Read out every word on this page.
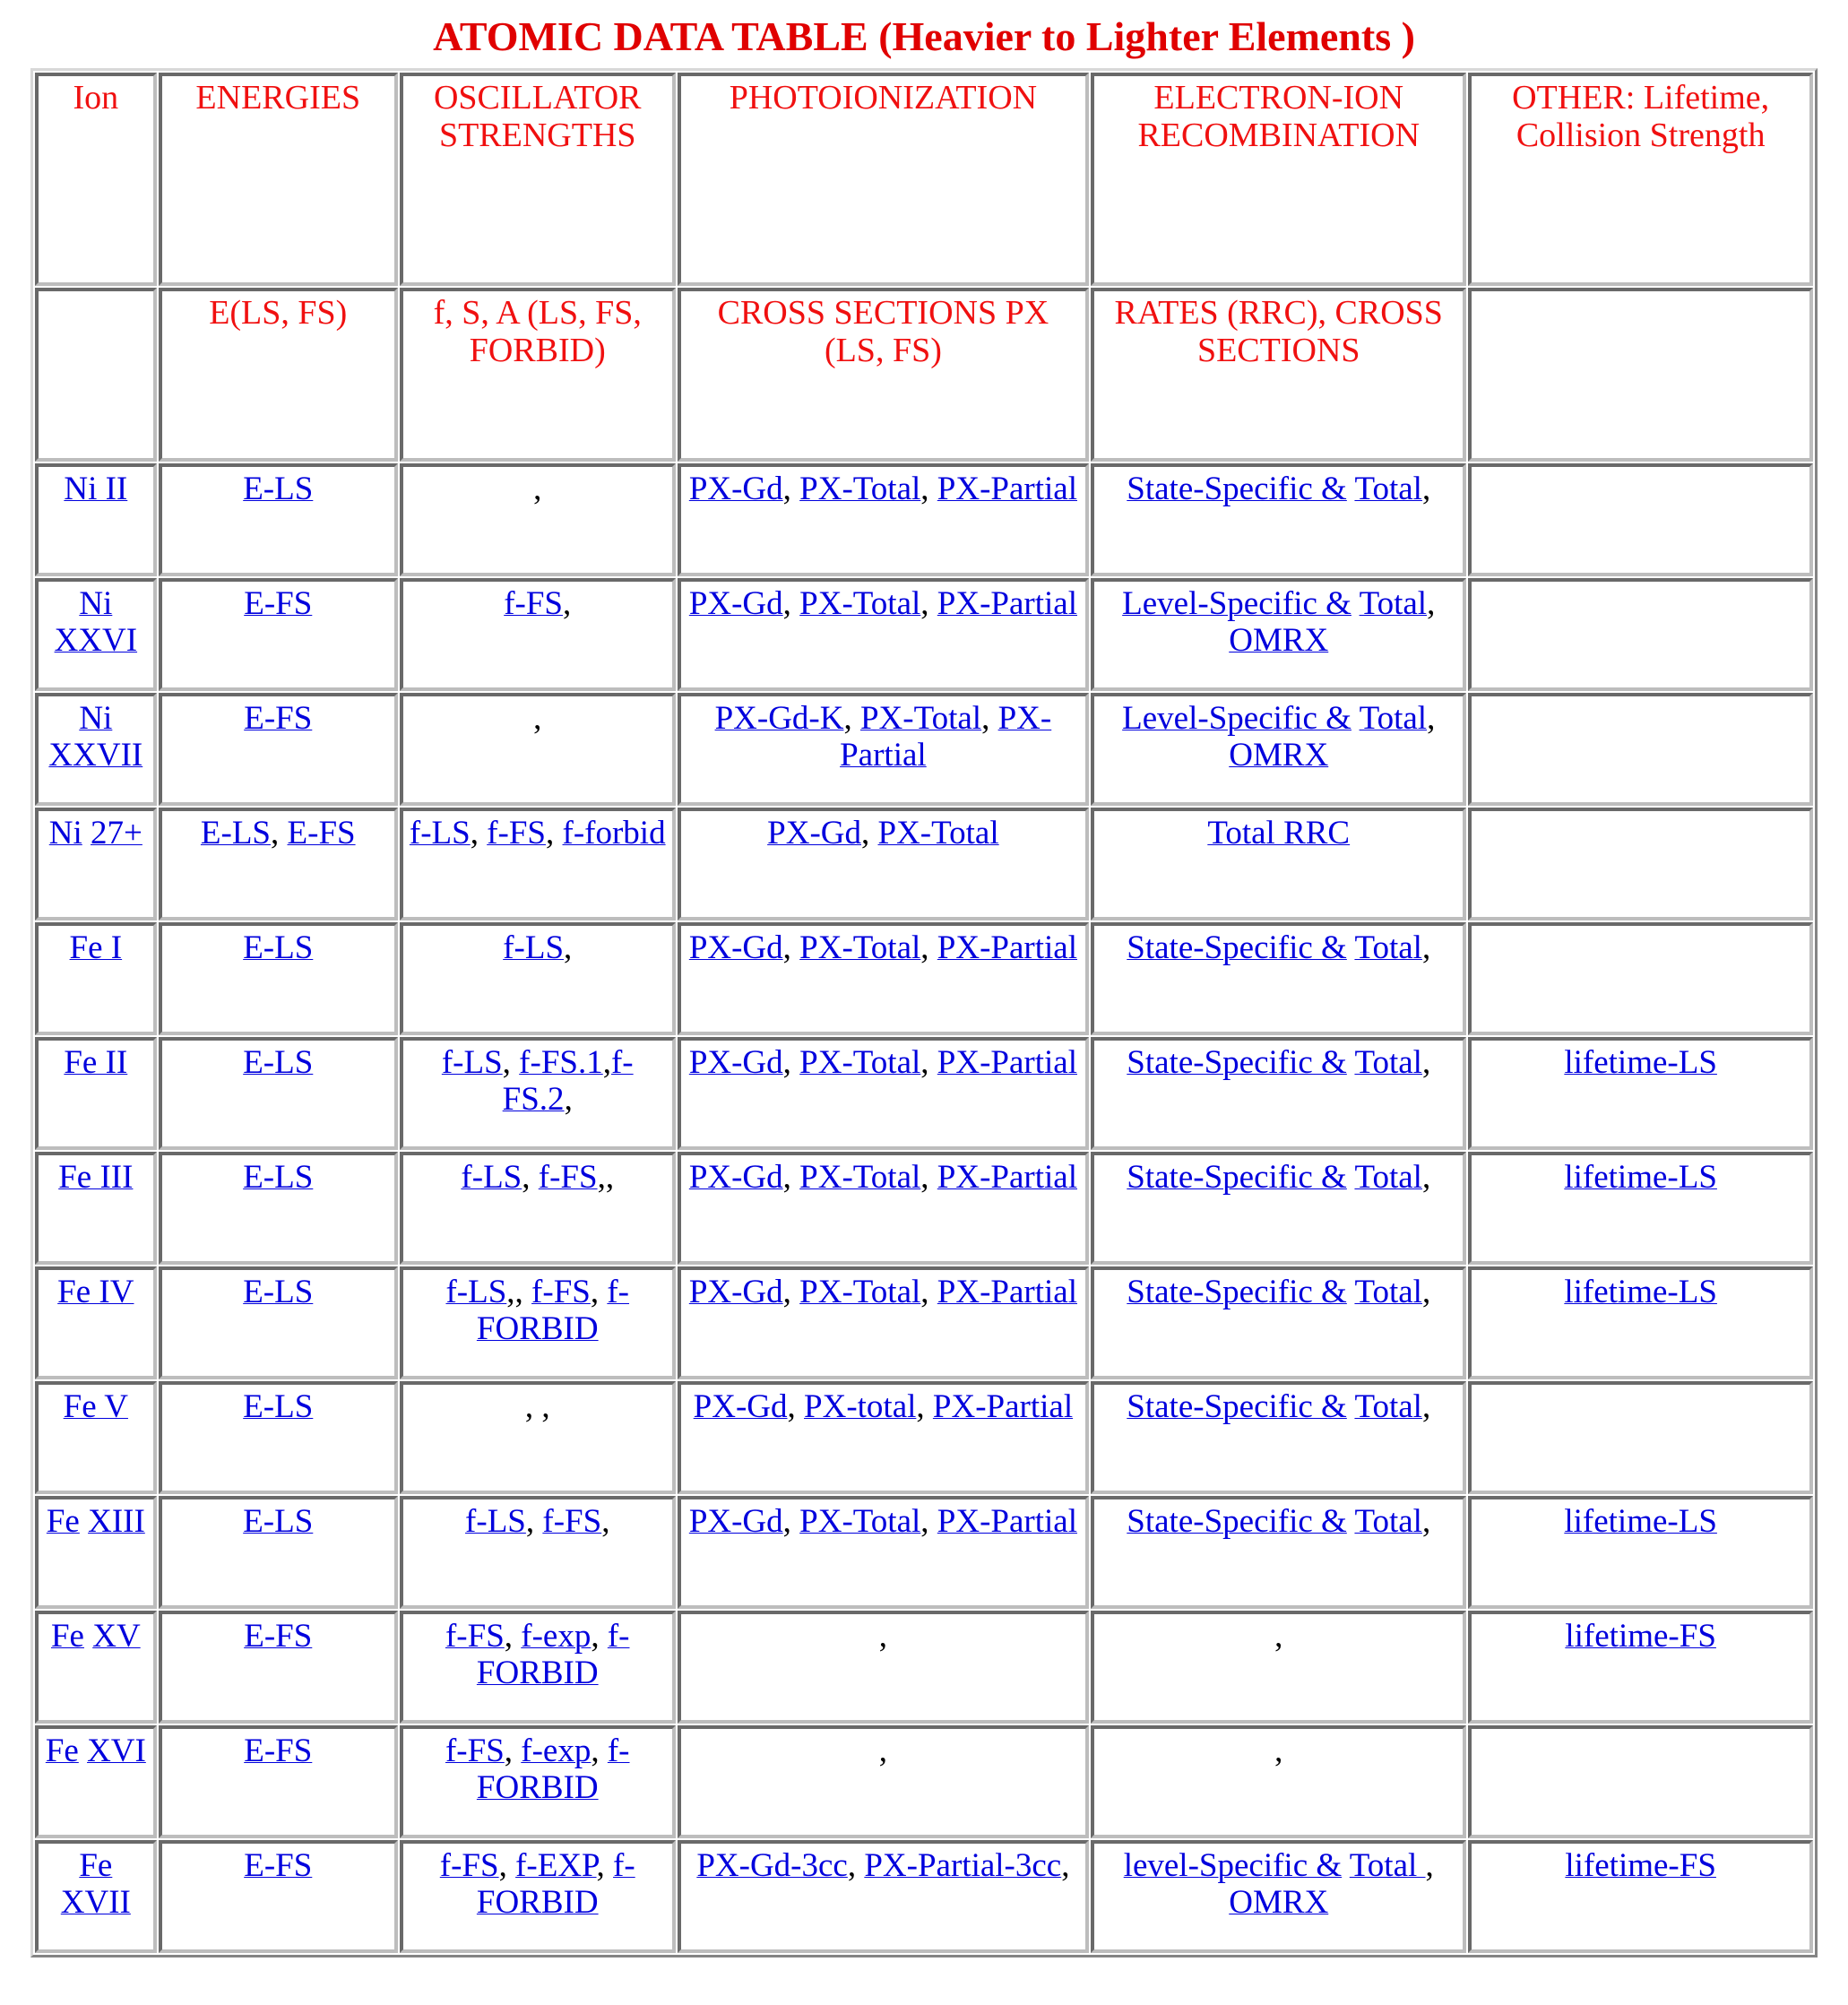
ATOMIC DATA TABLE (Heavier to Lighter Elements )
Ion	ENERGIES	OSCILLATOR STRENGTHS	PHOTOIONIZATION	ELECTRON-ION RECOMBINATION	OTHER: Lifetime, Collision Strength
	E(LS, FS)	f, S, A (LS, FS, FORBID)	CROSS SECTIONS PX (LS, FS)	RATES (RRC), CROSS SECTIONS	
Ni II	E-LS	,	PX-Gd, PX-Total, PX-Partial	State-Specific & Total,	
Ni XXVI	E-FS	f-FS,	PX-Gd, PX-Total, PX-Partial	Level-Specific & Total, OMRX	
Ni XXVII	E-FS	,	PX-Gd-K, PX-Total, PX-Partial	Level-Specific & Total, OMRX	
Ni 27+	E-LS, E-FS	f-LS, f-FS, f-forbid	PX-Gd, PX-Total	Total RRC	
Fe I	E-LS	f-LS,	PX-Gd, PX-Total, PX-Partial	State-Specific & Total,	
Fe II	E-LS	f-LS, f-FS.1,f-FS.2,	PX-Gd, PX-Total, PX-Partial	State-Specific & Total,	lifetime-LS
Fe III	E-LS	f-LS, f-FS,,	PX-Gd, PX-Total, PX-Partial	State-Specific & Total,	lifetime-LS
Fe IV	E-LS	f-LS,, f-FS, f-FORBID	PX-Gd, PX-Total, PX-Partial	State-Specific & Total,	lifetime-LS
Fe V	E-LS	, ,	PX-Gd, PX-total, PX-Partial	State-Specific & Total,	
Fe XIII	E-LS	f-LS, f-FS,	PX-Gd, PX-Total, PX-Partial	State-Specific & Total,	lifetime-LS
Fe XV	E-FS	f-FS, f-exp, f-FORBID	,	,	lifetime-FS
Fe XVI	E-FS	f-FS, f-exp, f-FORBID	,	,	
Fe XVII	E-FS	f-FS, f-EXP, f-FORBID	PX-Gd-3cc, PX-Partial-3cc,	level-Specific & Total , OMRX	lifetime-FS
